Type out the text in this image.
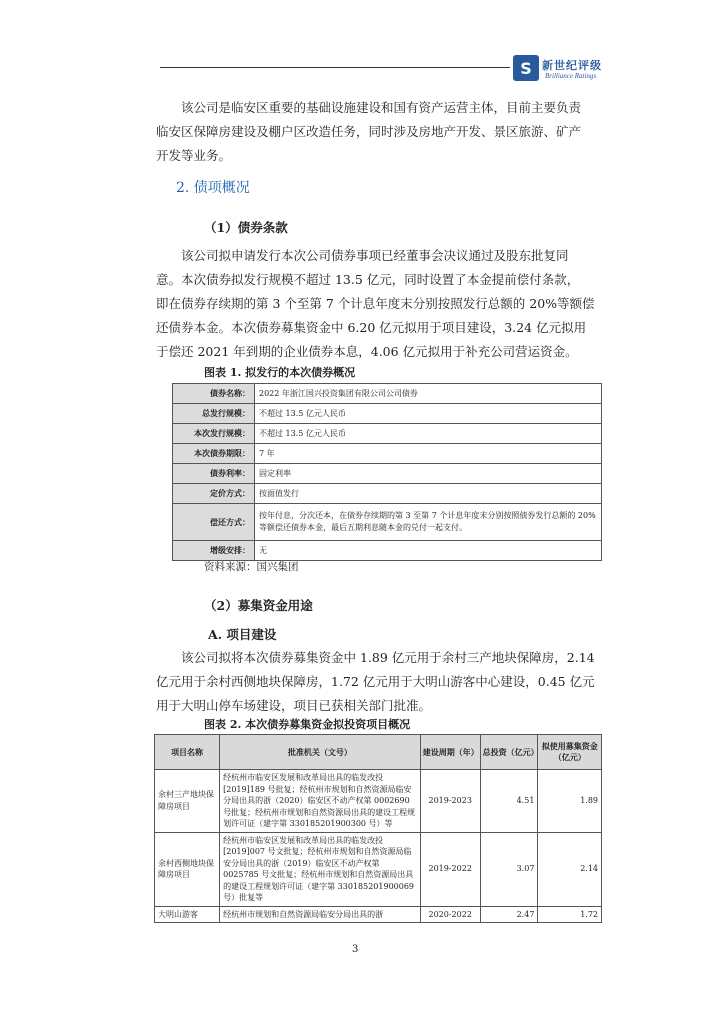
S 新世纪评级
Brilliance Ratings
该公司是临安区重要的基础设施建设和国有资产运营主体，目前主要负责
临安区保障房建设及棚户区改造任务，同时涉及房地产开发、景区旅游、矿产
开发等业务。
2. 债项概况
（1）债券条款
该公司拟申请发行本次公司债券事项已经董事会决议通过及股东批复同
意。本次债券拟发行规模不超过 13.5 亿元，同时设置了本金提前偿付条款，
即在债券存续期的第 3 个至第 7 个计息年度末分别按照发行总额的 20%等额偿
还债券本金。本次债券募集资金中 6.20 亿元拟用于项目建设，3.24 亿元拟用
于偿还 2021 年到期的企业债券本息，4.06 亿元拟用于补充公司营运资金。
图表 1. 拟发行的本次债券概况
债券名称：	2022 年浙江国兴投资集团有限公司公司债券
总发行规模：	不超过 13.5 亿元人民币
本次发行规模：	不超过 13.5 亿元人民币
本次债券期限：	7 年
债券利率：	固定利率
定价方式：	按面值发行
偿还方式：	按年付息，分次还本，在债券存续期的第 3 至第 7 个计息年度末分别按照债券发行总额的 20%等额偿还债券本金，最后五期利息随本金的兑付一起支付。
增级安排：	无
资料来源：国兴集团
（2）募集资金用途
A. 项目建设
该公司拟将本次债券募集资金中 1.89 亿元用于余村三产地块保障房，2.14
亿元用于余村西侧地块保障房，1.72 亿元用于大明山游客中心建设，0.45 亿元
用于大明山停车场建设，项目已获相关部门批准。
图表 2. 本次债券募集资金拟投资项目概况
项目名称	批准机关（文号）	建设周期（年）	总投资（亿元）	拟使用募集资金（亿元）
余村三产地块保障房项目	经杭州市临安区发展和改革局出具的临发改投[2019]189 号批复；经杭州市规划和自然资源局临安分局出具的浙（2020）临安区不动产权第 0002690 号批复；经杭州市规划和自然资源局出具的建设工程规划许可证（建字第 330185201900300 号）等	2019-2023	4.51	1.89
余村西侧地块保障房项目	经杭州市临安区发展和改革局出具的临发改投[2019]007 号文批复；经杭州市规划和自然资源局临安分局出具的浙（2019）临安区不动产权第 0025785 号文批复；经杭州市规划和自然资源局出具的建设工程规划许可证（建字第 330185201900069 号）批复等	2019-2022	3.07	2.14
大明山游客	经杭州市规划和自然资源局临安分局出具的浙	2020-2022	2.47	1.72
3
